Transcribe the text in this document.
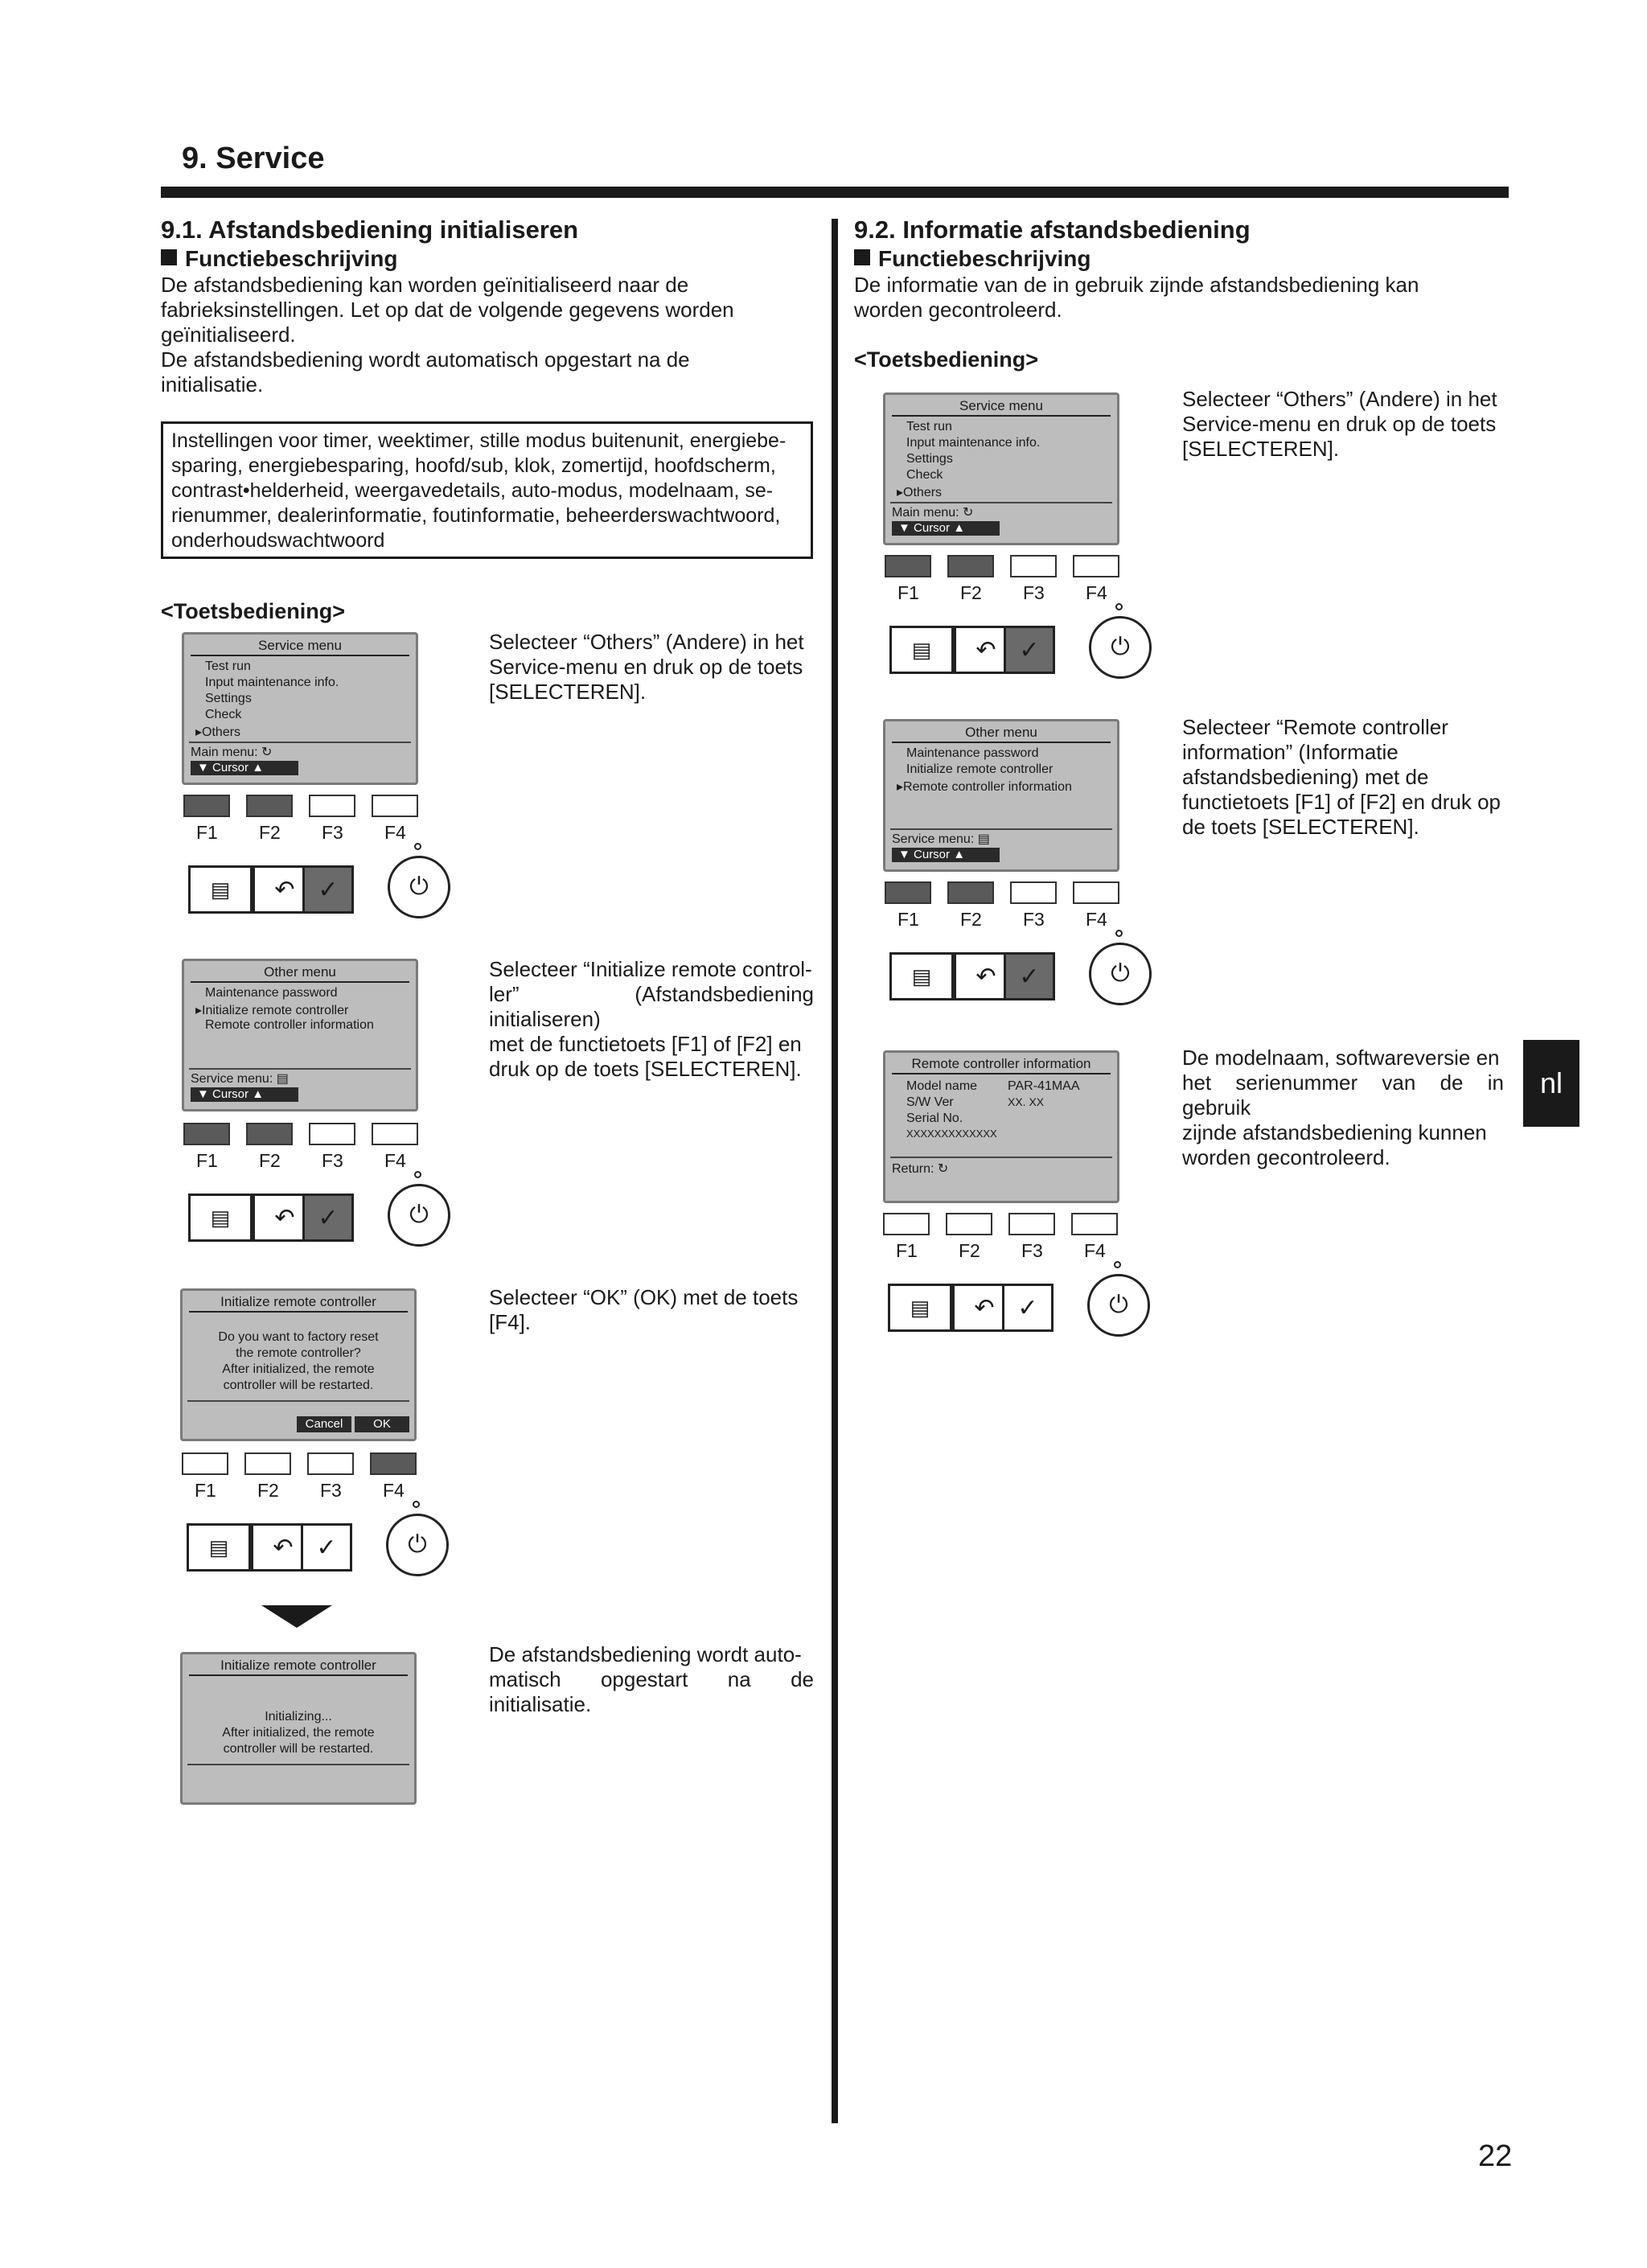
9. Service
9.1. Afstandsbediening initialiseren
Functiebeschrijving
De afstandsbediening kan worden geïnitialiseerd naar de
fabrieksinstellingen. Let op dat de volgende gegevens worden
geïnitialiseerd.
De afstandsbediening wordt automatisch opgestart na de
initialisatie.
Instellingen voor timer, weektimer, stille modus buitenunit, energiebe-
sparing, energiebesparing, hoofd/sub, klok, zomertijd, hoofdscherm,
contrast•helderheid, weergavedetails, auto-modus, modelnaam, se-
rienummer, dealerinformatie, foutinformatie, beheerderswachtwoord,
onderhoudswachtwoord
<Toetsbediening>
Service menu
Test run
Input maintenance info.
Settings
Check
▸Others
Main menu: ↻
▼ Cursor ▲
F1 F2 F3 F4
▤ ↶ ✓	⏻
Selecteer “Others” (Andere) in het
Service-menu en druk op de toets
[SELECTEREN].
Other menu
Maintenance password
▸Initialize remote controller
Remote controller information
Service menu: ▤
▼ Cursor ▲
F1 F2 F3 F4
▤ ↶ ✓	⏻
Selecteer “Initialize remote control-
ler” (Afstandsbediening initialiseren)
met de functietoets [F1] of [F2] en
druk op de toets [SELECTEREN].
Initialize remote controller
Do you want to factory reset
the remote controller?
After initialized, the remote
controller will be restarted.
Cancel	OK
F1 F2 F3 F4
▤ ↶ ✓	⏻
Selecteer “OK” (OK) met de toets
[F4].
Initialize remote controller
Initializing...
After initialized, the remote
controller will be restarted.
De afstandsbediening wordt auto-
matisch opgestart na de initialisatie.
9.2. Informatie afstandsbediening
Functiebeschrijving
De informatie van de in gebruik zijnde afstandsbediening kan
worden gecontroleerd.
<Toetsbediening>
Service menu
Test run
Input maintenance info.
Settings
Check
▸Others
Main menu: ↻
▼ Cursor ▲
F1 F2 F3 F4
▤ ↶ ✓	⏻
Selecteer “Others” (Andere) in het
Service-menu en druk op de toets
[SELECTEREN].
Other menu
Maintenance password
Initialize remote controller
▸Remote controller information
Service menu: ▤
▼ Cursor ▲
F1 F2 F3 F4
▤ ↶ ✓	⏻
Selecteer “Remote controller
information” (Informatie
afstandsbediening) met de
functietoets [F1] of [F2] en druk op
de toets [SELECTEREN].
Remote controller information
Model name PAR-41MAA
S/W Ver	XX. XX
Serial No.
XXXXXXXXXXXXX
Return: ↻
F1 F2 F3 F4
▤ ↶ ✓	⏻
De modelnaam, softwareversie en
het serienummer van de in gebruik
zijnde afstandsbediening kunnen
worden gecontroleerd.
nl
22
